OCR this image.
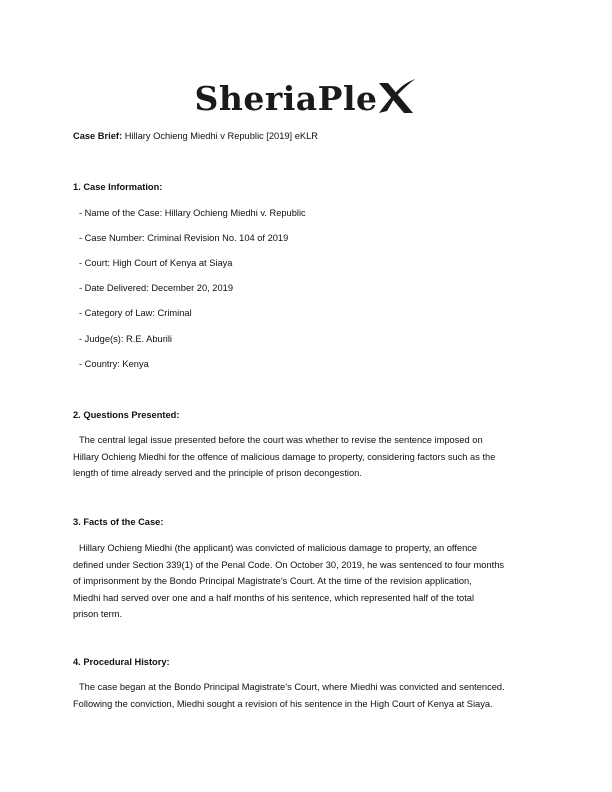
SheriaPle
Case Brief: Hillary Ochieng Miedhi v Republic [2019] eKLR
1. Case Information:
- Name of the Case: Hillary Ochieng Miedhi v. Republic
- Case Number: Criminal Revision No. 104 of 2019
- Court: High Court of Kenya at Siaya
- Date Delivered: December 20, 2019
- Category of Law: Criminal
- Judge(s): R.E. Aburili
- Country: Kenya
2. Questions Presented:
The central legal issue presented before the court was whether to revise the sentence imposed on
Hillary Ochieng Miedhi for the offence of malicious damage to property, considering factors such as the
length of time already served and the principle of prison decongestion.
3. Facts of the Case:
Hillary Ochieng Miedhi (the applicant) was convicted of malicious damage to property, an offence
defined under Section 339(1) of the Penal Code. On October 30, 2019, he was sentenced to four months
of imprisonment by the Bondo Principal Magistrate’s Court. At the time of the revision application,
Miedhi had served over one and a half months of his sentence, which represented half of the total
prison term.
4. Procedural History:
The case began at the Bondo Principal Magistrate’s Court, where Miedhi was convicted and sentenced.
Following the conviction, Miedhi sought a revision of his sentence in the High Court of Kenya at Siaya.
